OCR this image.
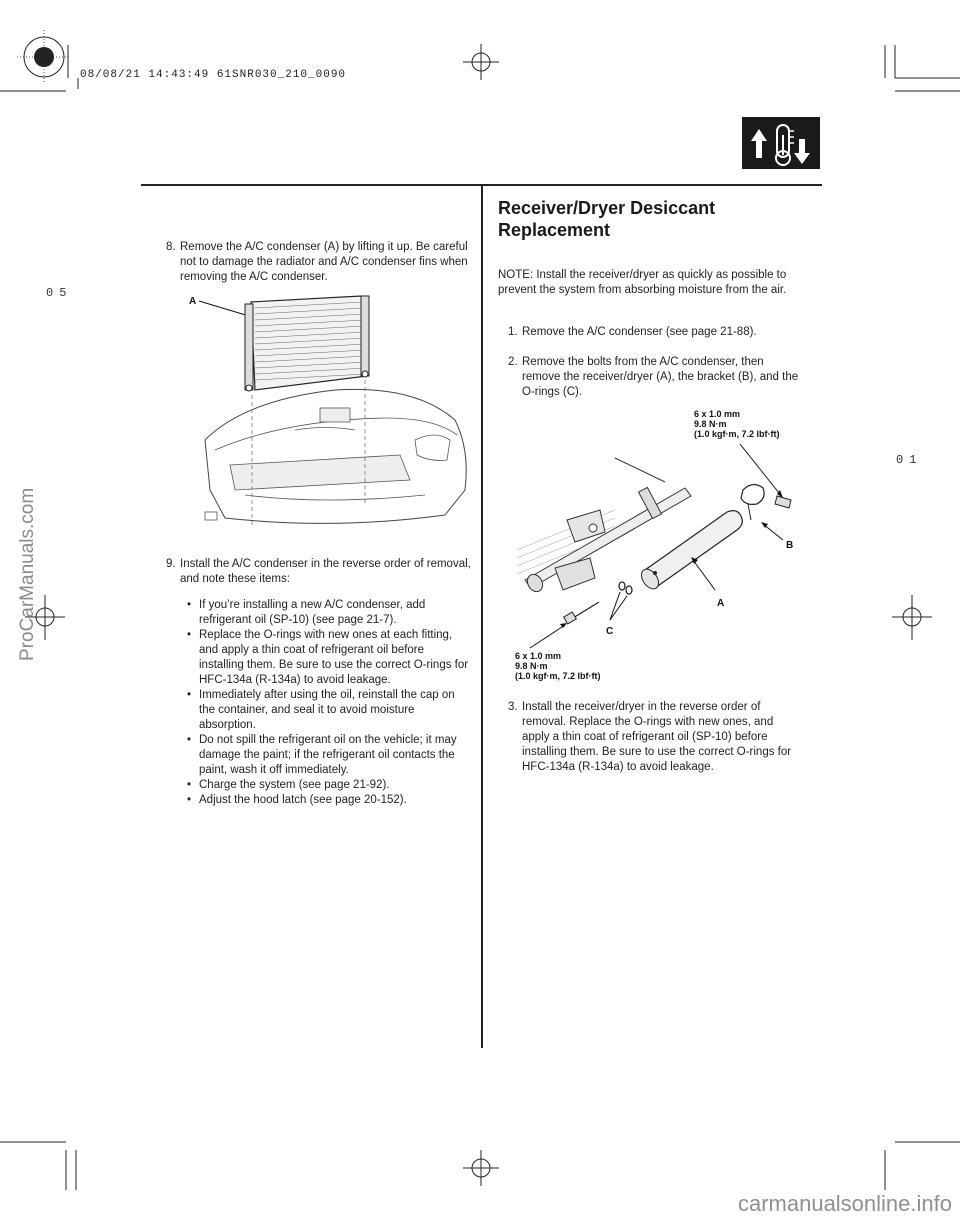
08/08/21 14:43:49 61SNR030_210_0090
05
01
8. Remove the A/C condenser (A) by lifting it up. Be careful not to damage the radiator and A/C condenser fins when removing the A/C condenser.
A
9. Install the A/C condenser in the reverse order of removal, and note these items:
• If you’re installing a new A/C condenser, add refrigerant oil (SP-10) (see page 21-7).
• Replace the O-rings with new ones at each fitting, and apply a thin coat of refrigerant oil before installing them. Be sure to use the correct O-rings for HFC-134a (R-134a) to avoid leakage.
• Immediately after using the oil, reinstall the cap on the container, and seal it to avoid moisture absorption.
• Do not spill the refrigerant oil on the vehicle; it may damage the paint; if the refrigerant oil contacts the paint, wash it off immediately.
• Charge the system (see page 21-92).
• Adjust the hood latch (see page 20-152).
Receiver/Dryer Desiccant
Replacement
NOTE: Install the receiver/dryer as quickly as possible to prevent the system from absorbing moisture from the air.
1. Remove the A/C condenser (see page 21-88).
2. Remove the bolts from the A/C condenser, then remove the receiver/dryer (A), the bracket (B), and the O-rings (C).
6 x 1.0 mm
9.8 N·m
(1.0 kgf·m, 7.2 lbf·ft)
B
A
C
6 x 1.0 mm
9.8 N·m
(1.0 kgf·m, 7.2 lbf·ft)
3. Install the receiver/dryer in the reverse order of removal. Replace the O-rings with new ones, and apply a thin coat of refrigerant oil (SP-10) before installing them. Be sure to use the correct O-rings for HFC-134a (R-134a) to avoid leakage.
ProCarManuals.com
carmanualsonline.info
